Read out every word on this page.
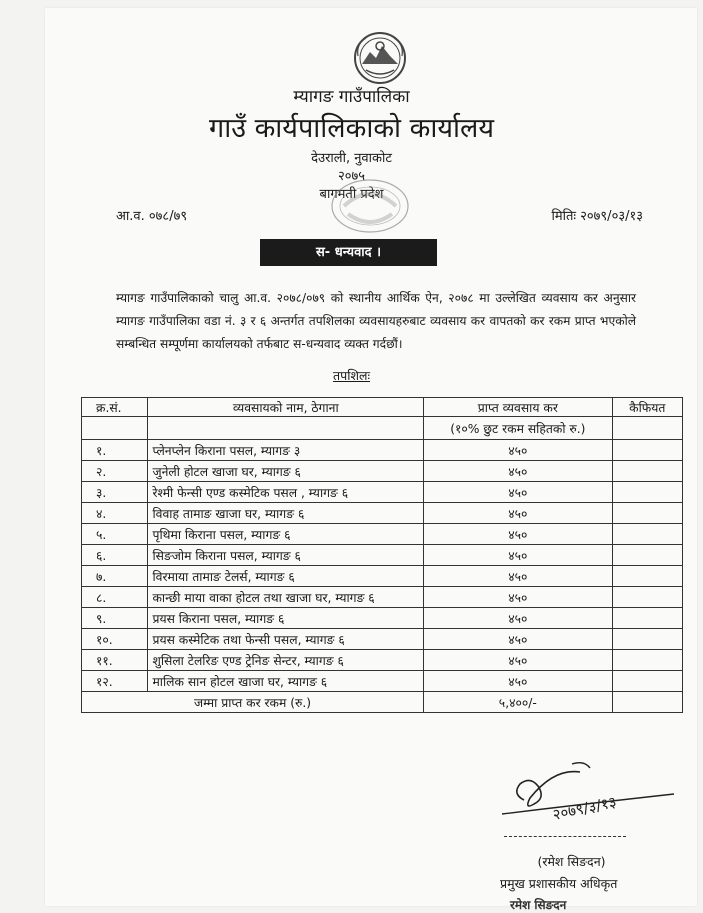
म्यागङ गाउँपालिका
गाउँ कार्यपालिकाको कार्यालय
देउराली, नुवाकोट
२०७५
बागमती प्रदेश
आ.व. ०७८/७९	मितिः २०७९/०३/१३
स- धन्यवाद ।
म्यागङ गाउँपालिकाको चालु आ.व. २०७८/०७९ को स्थानीय आर्थिक ऐन, २०७८ मा उल्लेखित व्यवसाय कर अनुसार म्यागङ गाउँपालिका वडा नं. ३ र ६ अन्तर्गत तपशिलका व्यवसायहरुबाट व्यवसाय कर वापतको कर रकम प्राप्त भएकोले सम्बन्धित सम्पूर्णमा कार्यालयको तर्फबाट स-धन्यवाद व्यक्त गर्दछौं।
तपशिलः
क्र.सं.	व्यवसायको नाम, ठेगाना	प्राप्त व्यवसाय कर	कैफियत
		(१०% छुट रकम सहितको रु.)	
१.	प्लेनप्लेन किराना पसल, म्यागङ ३	४५०	
२.	जुनेली होटल खाजा घर, म्यागङ ६	४५०	
३.	रेश्मी फेन्सी एण्ड कस्मेटिक पसल , म्यागङ ६	४५०	
४.	विवाह तामाङ खाजा घर, म्यागङ ६	४५०	
५.	पृथिमा किराना पसल, म्यागङ ६	४५०	
६.	सिङजोम किराना पसल, म्यागङ ६	४५०	
७.	विरमाया तामाङ टेलर्स, म्यागङ ६	४५०	
८.	कान्छी माया वाका होटल तथा खाजा घर, म्यागङ ६	४५०	
९.	प्रयस किराना पसल, म्यागङ ६	४५०	
१०.	प्रयस कस्मेटिक तथा फेन्सी पसल, म्यागङ ६	४५०	
११.	शुसिला टेलरिङ एण्ड ट्रेनिङ सेन्टर, म्यागङ ६	४५०	
१२.	मालिक सान होटल खाजा घर, म्यागङ ६	४५०	
जम्मा प्राप्त कर रकम (रु.)		५,४००/-	
२०७९/३/१३
(रमेश सिङदन)
प्रमुख प्रशासकीय अधिकृत
रमेश सिङदन
